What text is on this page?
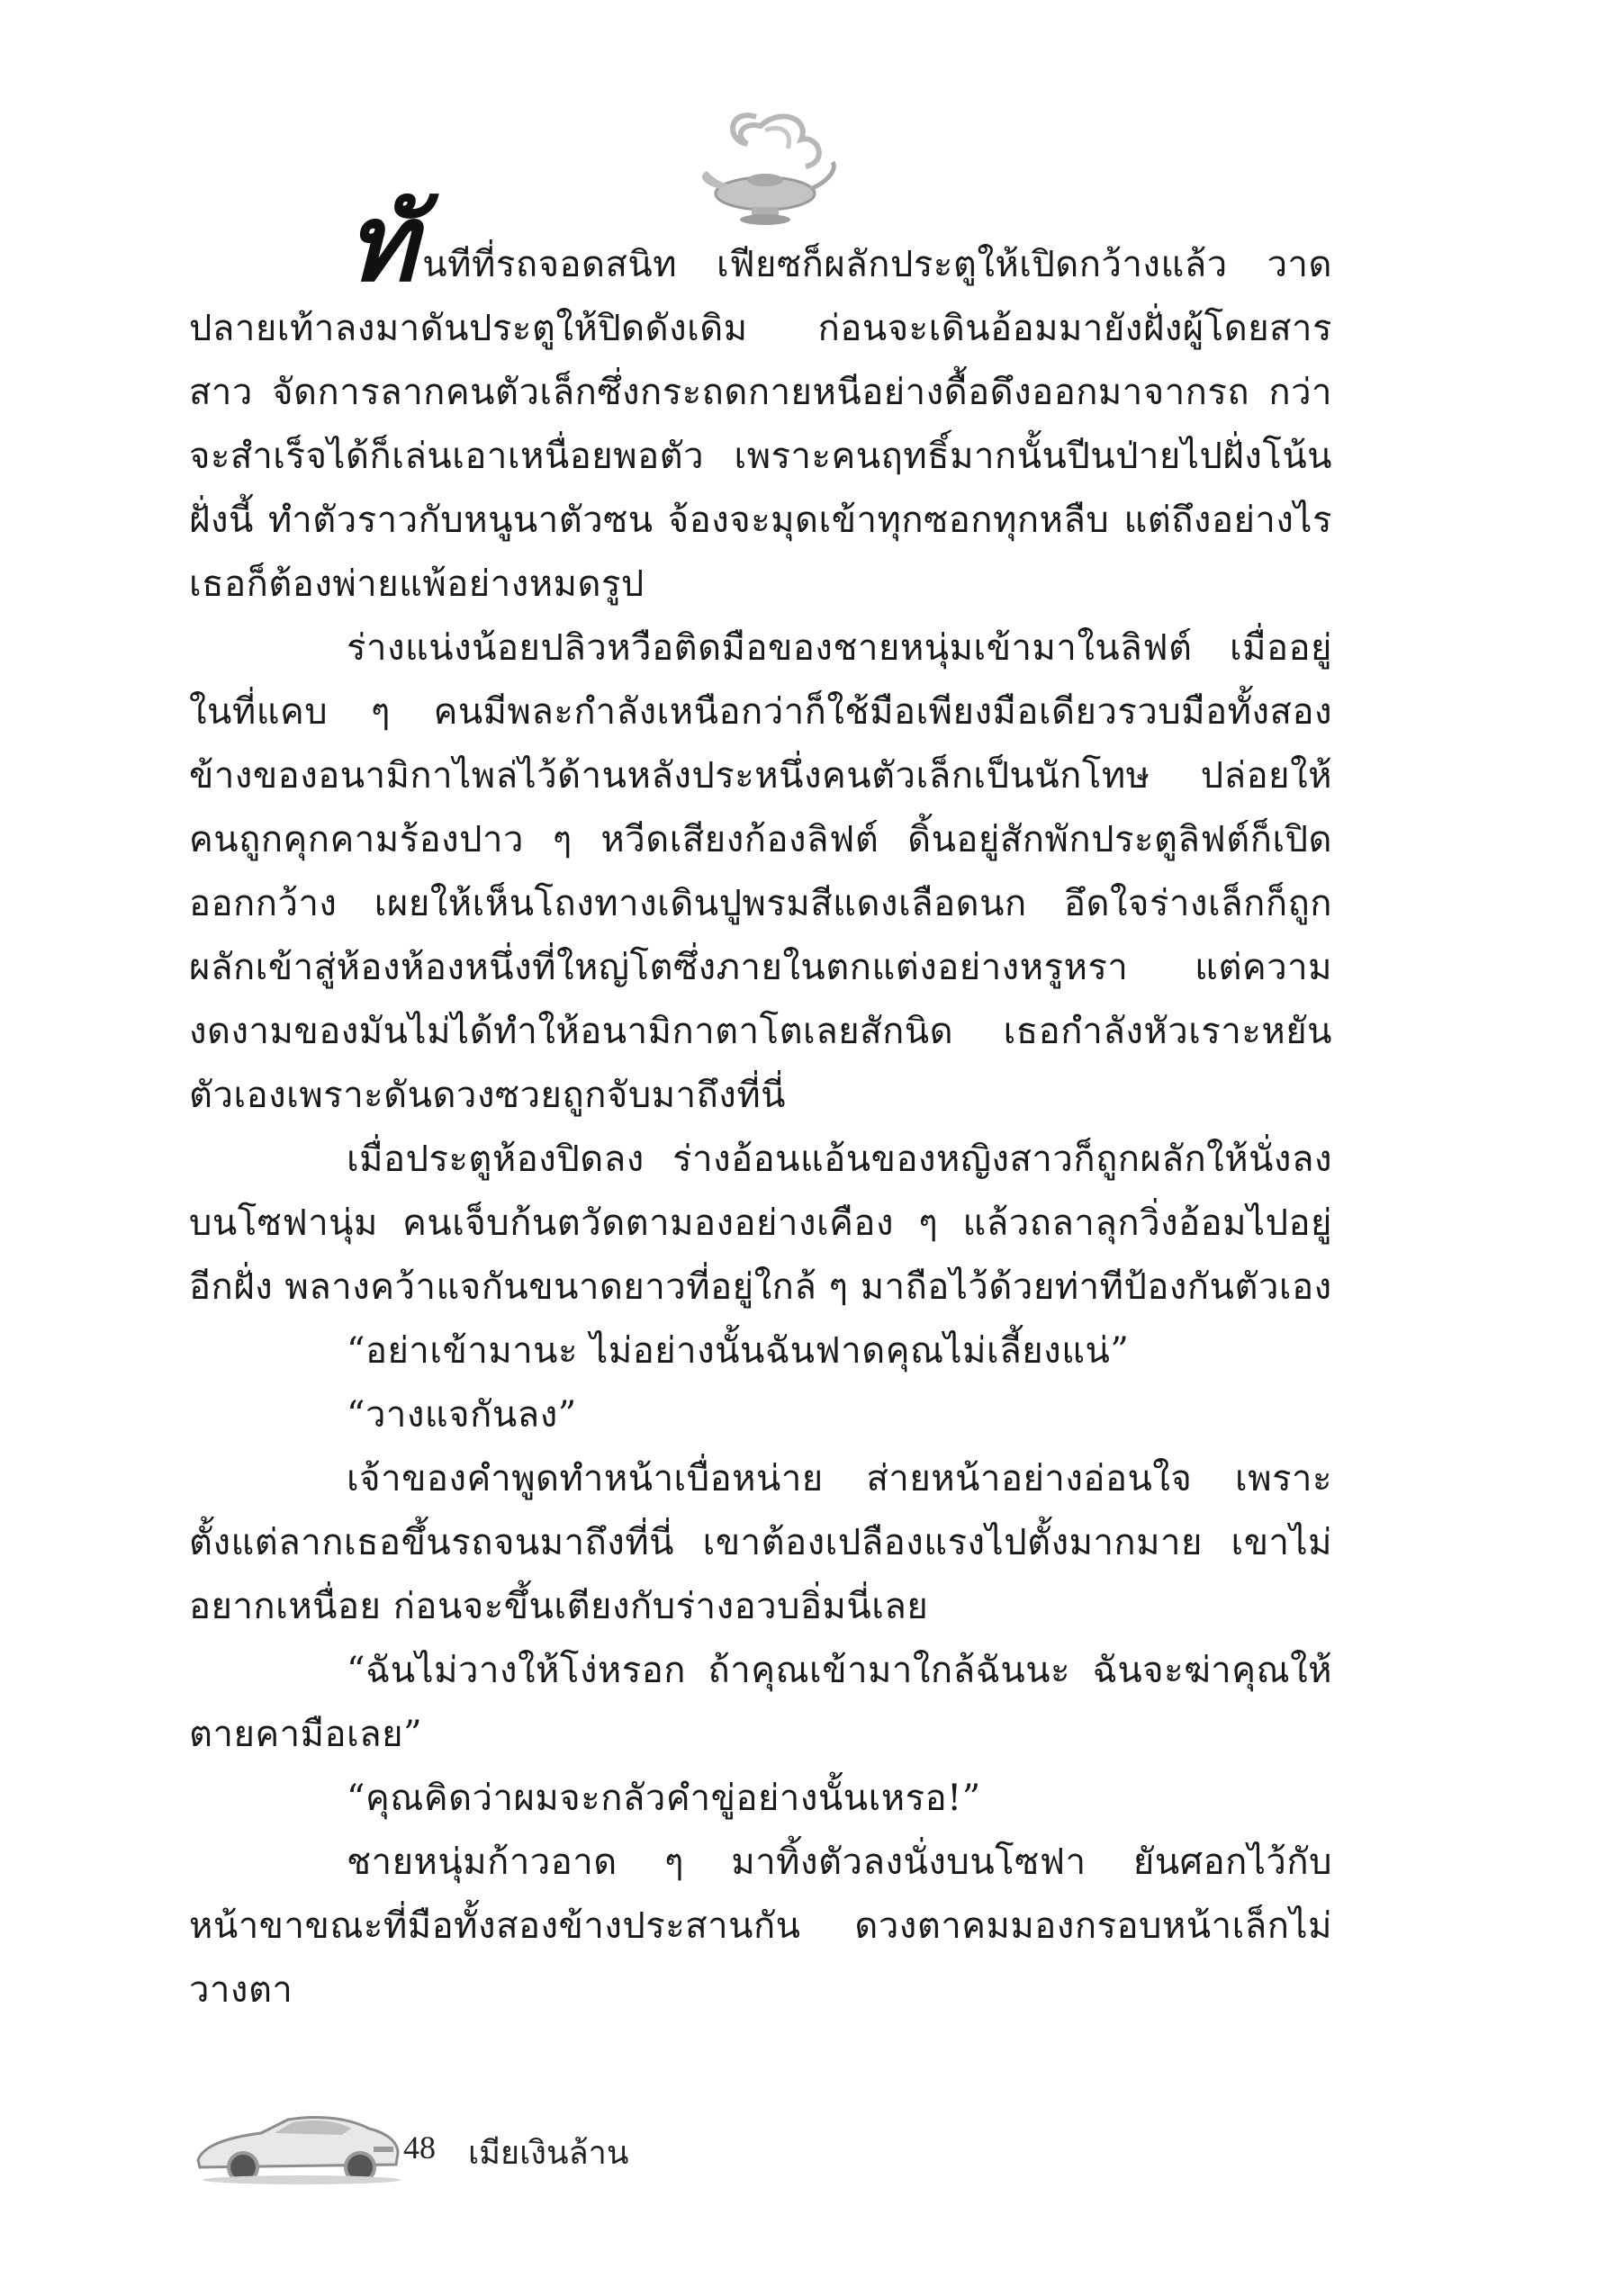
ทันทีที่รถจอดสนิท เฟียซก็ผลักประตูให้เปิดกว้างแล้ว วาดปลายเท้าลงมาดันประตูให้ปิดดังเดิม ก่อนจะเดินอ้อมมายังฝั่งผู้โดยสารสาว จัดการลากคนตัวเล็กซึ่งกระถดกายหนีอย่างดื้อดึงออกมาจากรถ กว่าจะสำเร็จได้ก็เล่นเอาเหนื่อยพอตัว เพราะคนฤทธิ์มากนั้นปีนป่ายไปฝั่งโน้นฝั่งนี้ ทำตัวราวกับหนูนาตัวซน จ้องจะมุดเข้าทุกซอกทุกหลืบ แต่ถึงอย่างไรเธอก็ต้องพ่ายแพ้อย่างหมดรูป

ร่างแน่งน้อยปลิวหวือติดมือของชายหนุ่มเข้ามาในลิฟต์ เมื่ออยู่ในที่แคบ ๆ คนมีพละกำลังเหนือกว่าก็ใช้มือเพียงมือเดียวรวบมือทั้งสองข้างของอนามิกาไพล่ไว้ด้านหลังประหนึ่งคนตัวเล็กเป็นนักโทษ ปล่อยให้คนถูกคุกคามร้องปาว ๆ หวีดเสียงก้องลิฟต์ ดิ้นอยู่สักพักประตูลิฟต์ก็เปิดออกกว้าง เผยให้เห็นโถงทางเดินปูพรมสีแดงเลือดนก อึดใจร่างเล็กก็ถูกผลักเข้าสู่ห้องห้องหนึ่งที่ใหญ่โตซึ่งภายในตกแต่งอย่างหรูหรา แต่ความงดงามของมันไม่ได้ทำให้อนามิกาตาโตเลยสักนิด เธอกำลังหัวเราะหยันตัวเองเพราะดันดวงซวยถูกจับมาถึงที่นี่

เมื่อประตูห้องปิดลง ร่างอ้อนแอ้นของหญิงสาวก็ถูกผลักให้นั่งลงบนโซฟานุ่ม คนเจ็บก้นตวัดตามองอย่างเคือง ๆ แล้วถลาลุกวิ่งอ้อมไปอยู่อีกฝั่ง พลางคว้าแจกันขนาดยาวที่อยู่ใกล้ ๆ มาถือไว้ด้วยท่าทีป้องกันตัวเอง

“อย่าเข้ามานะ ไม่อย่างนั้นฉันฟาดคุณไม่เลี้ยงแน่”

“วางแจกันลง”

เจ้าของคำพูดทำหน้าเบื่อหน่าย ส่ายหน้าอย่างอ่อนใจ เพราะตั้งแต่ลากเธอขึ้นรถจนมาถึงที่นี่ เขาต้องเปลืองแรงไปตั้งมากมาย เขาไม่อยากเหนื่อย ก่อนจะขึ้นเตียงกับร่างอวบอิ่มนี่เลย

“ฉันไม่วางให้โง่หรอก ถ้าคุณเข้ามาใกล้ฉันนะ ฉันจะฆ่าคุณให้ตายคามือเลย”

“คุณคิดว่าผมจะกลัวคำขู่อย่างนั้นเหรอ!”

ชายหนุ่มก้าวอาด ๆ มาทิ้งตัวลงนั่งบนโซฟา ยันศอกไว้กับหน้าขาขณะที่มือทั้งสองข้างประสานกัน ดวงตาคมมองกรอบหน้าเล็กไม่วางตา

48 เมียเงินล้าน
